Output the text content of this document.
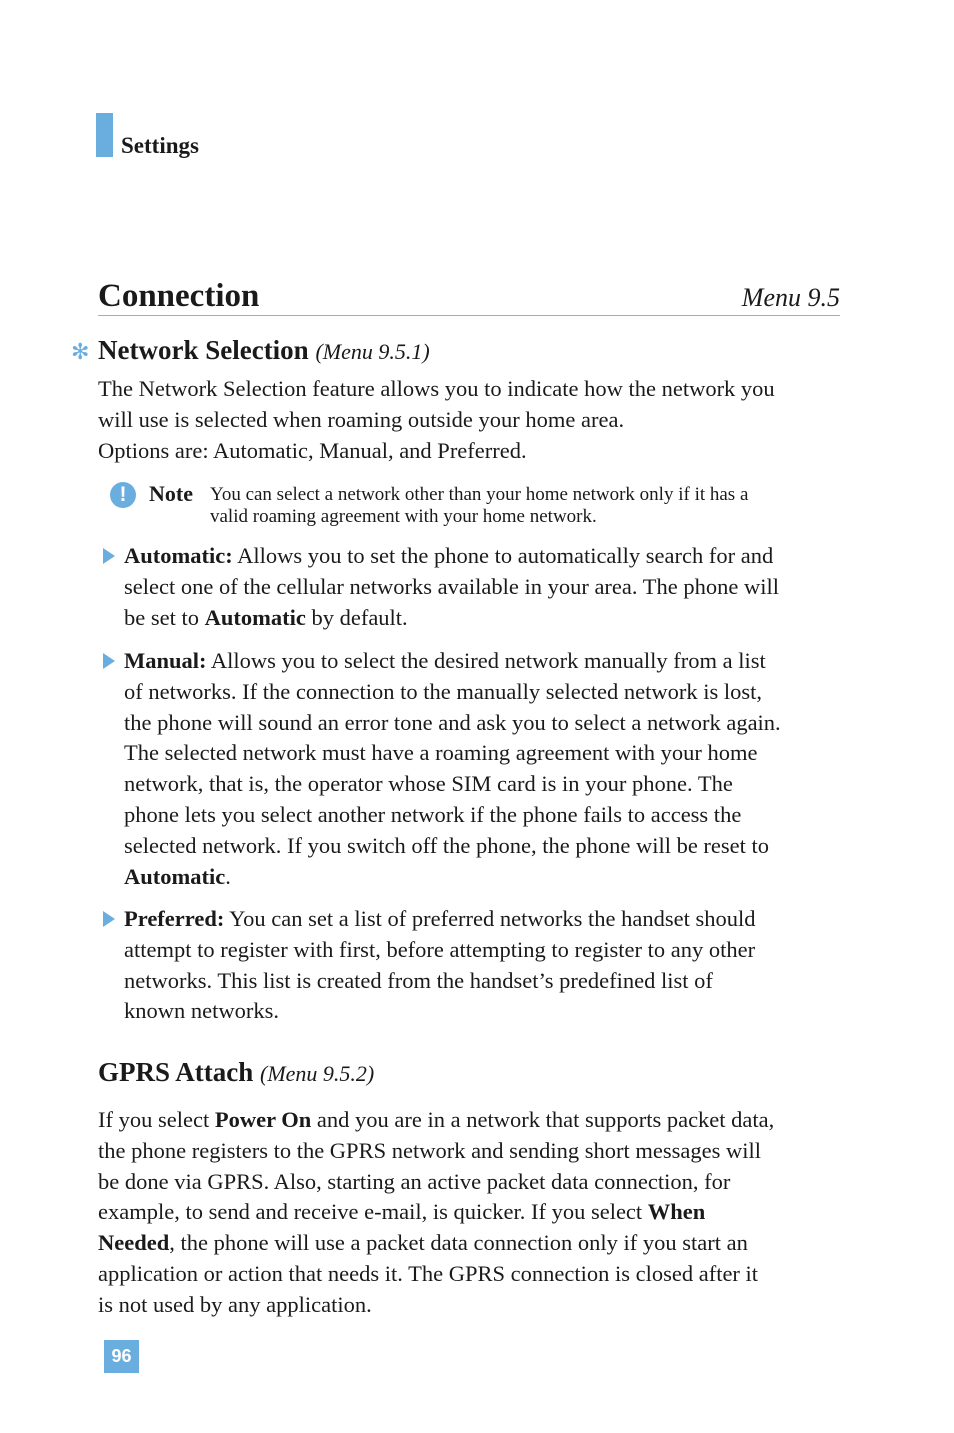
Settings
Connection	Menu 9.5
✻ Network Selection (Menu 9.5.1)
The Network Selection feature allows you to indicate how the network you
will use is selected when roaming outside your home area.
Options are: Automatic, Manual, and Preferred.
!	Note You can select a network other than your home network only if it has a
valid roaming agreement with your home network.
Automatic: Allows you to set the phone to automatically search for and
select one of the cellular networks available in your area. The phone will
be set to Automatic by default.
Manual: Allows you to select the desired network manually from a list
of networks. If the connection to the manually selected network is lost,
the phone will sound an error tone and ask you to select a network again.
The selected network must have a roaming agreement with your home
network, that is, the operator whose SIM card is in your phone. The
phone lets you select another network if the phone fails to access the
selected network. If you switch off the phone, the phone will be reset to
Automatic.
Preferred: You can set a list of preferred networks the handset should
attempt to register with first, before attempting to register to any other
networks. This list is created from the handset’s predefined list of
known networks.
GPRS Attach (Menu 9.5.2)
If you select Power On and you are in a network that supports packet data,
the phone registers to the GPRS network and sending short messages will
be done via GPRS. Also, starting an active packet data connection, for
example, to send and receive e-mail, is quicker. If you select When
Needed, the phone will use a packet data connection only if you start an
application or action that needs it. The GPRS connection is closed after it
is not used by any application.
96
